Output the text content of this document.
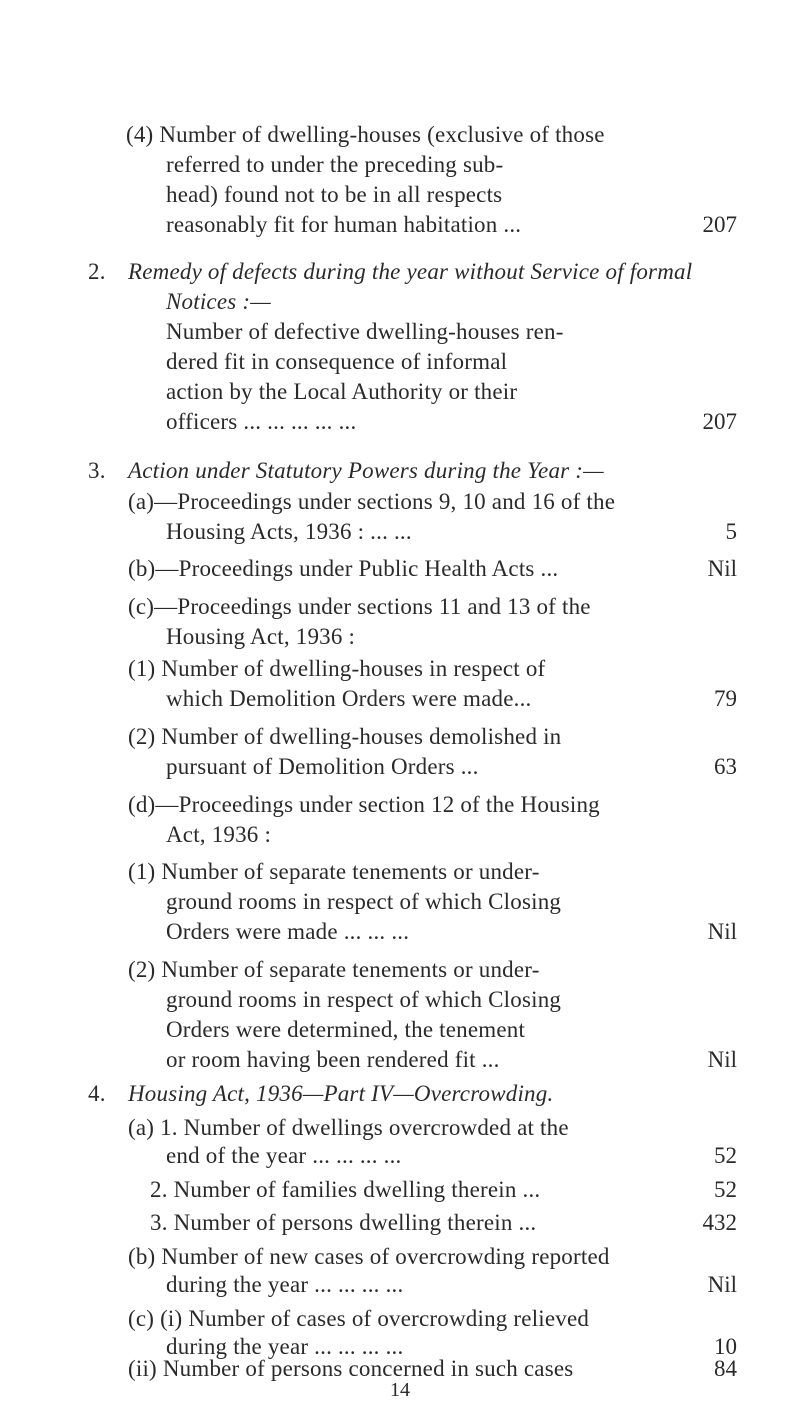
(4) Number of dwelling-houses (exclusive of those
referred to under the preceding sub-
head) found not to be in all respects
reasonably fit for human habitation ...	207
2. Remedy of defects during the year without Service of formal
Notices :—
Number of defective dwelling-houses ren-
dered fit in consequence of informal
action by the Local Authority or their
officers ... ... ... ... ...	207
3. Action under Statutory Powers during the Year :—
(a)—Proceedings under sections 9, 10 and 16 of the
Housing Acts, 1936 : ... ...	5
(b)—Proceedings under Public Health Acts ...	Nil
(c)—Proceedings under sections 11 and 13 of the
Housing Act, 1936 :
(1) Number of dwelling-houses in respect of
which Demolition Orders were made...	79
(2) Number of dwelling-houses demolished in
pursuant of Demolition Orders ...	63
(d)—Proceedings under section 12 of the Housing
Act, 1936 :
(1) Number of separate tenements or under-
ground rooms in respect of which Closing
Orders were made ... ... ...	Nil
(2) Number of separate tenements or under-
ground rooms in respect of which Closing
Orders were determined, the tenement
or room having been rendered fit ...	Nil
4. Housing Act, 1936—Part IV—Overcrowding.
(a) 1. Number of dwellings overcrowded at the
end of the year ... ... ... ...	52
2. Number of families dwelling therein ...	52
3. Number of persons dwelling therein ...	432
(b) Number of new cases of overcrowding reported
during the year ... ... ... ...	Nil
(c) (i) Number of cases of overcrowding relieved
during the year ... ... ... ...	10
(ii) Number of persons concerned in such cases	84
14
